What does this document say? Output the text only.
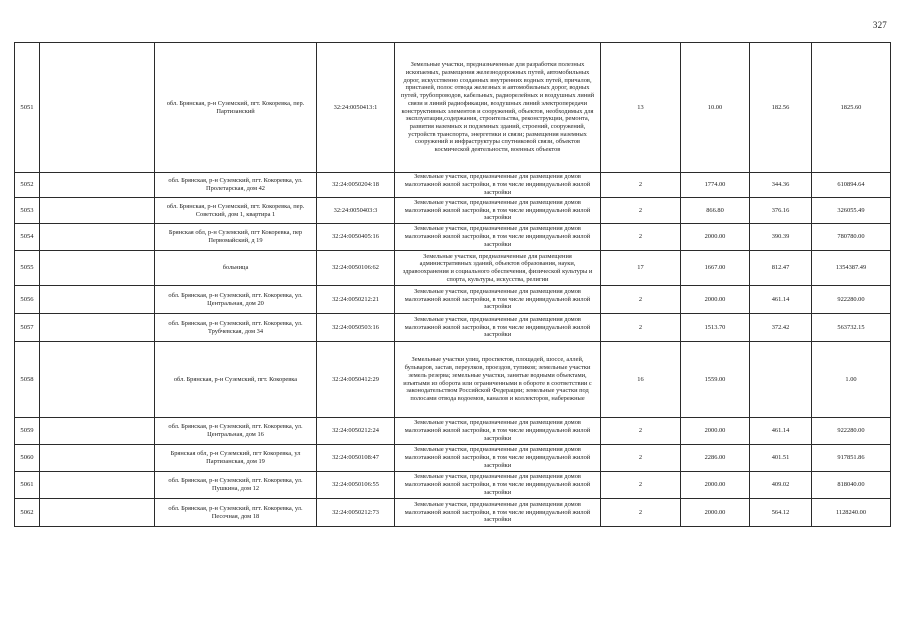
327
5051		обл. Брянская, р-н Суземский, пгт. Кокоревка, пер. Партизанский	32:24:0050413:1	Земельные участки, предназначенные для разработки полезных ископаемых, размещения железнодорожных путей, автомобильных дорог, искусственно созданных внутренних водных путей, причалов, пристаней, полос отвода железных и автомобильных дорог, водных путей, трубопроводов, кабельных, радиорелейных и воздушных линий связи и линий радиофикации, воздушных линий электропередачи конструктивных элементов и сооружений, объектов, необходимых для эксплуатации,содержания, строительства, реконструкции, ремонта, развития наземных и подземных зданий, строений, сооружений, устройств транспорта, энергетики и связи; размещения наземных сооружений и инфраструктуры спутниковой связи, объектов космической деятельности, военных объектов	13	10.00	182.56	1825.60
5052		обл. Брянская, р-н Суземский, пгт. Кокоревка, ул. Пролетарская, дом 42	32:24:0050204:18	Земельные участки, предназначенные для размещения домов малоэтажной жилой застройки, в том числе индивидуальной жилой застройки	2	1774.00	344.36	610894.64
5053		обл. Брянская, р-н Суземский, пгт. Кокоревка, пер. Советский, дом 1, квартира 1	32:24:0050403:3	Земельные участки, предназначенные для размещения домов малоэтажной жилой застройки, в том числе индивидуальной жилой застройки	2	866.80	376.16	326055.49
5054		Брянская обл, р-н Суземский, пгт Кокоревка, пер Первомайский, д 19	32:24:0050405:16	Земельные участки, предназначенные для размещения домов малоэтажной жилой застройки, в том числе индивидуальной жилой застройки	2	2000.00	390.39	780780.00
5055		больница	32:24:0050106:62	Земельные участки, предназначенные для размещения административных зданий, объектов образования, науки, здравоохранения и социального обеспечения, физической культуры и спорта, культуры, искусства, религии	17	1667.00	812.47	1354387.49
5056		обл. Брянская, р-н Суземский, пгт. Кокоревка, ул. Центральная, дом 20	32:24:0050212:21	Земельные участки, предназначенные для размещения домов малоэтажной жилой застройки, в том числе индивидуальной жилой застройки	2	2000.00	461.14	922280.00
5057		обл. Брянская, р-н Суземский, пгт. Кокоревка, ул. Трубчевская, дом 34	32:24:0050503:16	Земельные участки, предназначенные для размещения домов малоэтажной жилой застройки, в том числе индивидуальной жилой застройки	2	1513.70	372.42	563732.15
5058		обл. Брянская, р-н Суземский, пгт. Кокоревка	32:24:0050412:29	Земельные участки улиц, проспектов, площадей, шоссе, аллей, бульваров, застав, переулков, проездов, тупиков; земельные участки земель резерва; земельные участки, занятые водными объектами, изъятыми из оборота или ограниченными в обороте в соответствии с законодательством Российской Федерации; земельные участки под полосами отвода водоемов, каналов и коллекторов, набережные	16	1559.00		1.00
5059		обл. Брянская, р-н Суземский, пгт. Кокоревка, ул. Центральная, дом 16	32:24:0050212:24	Земельные участки, предназначенные для размещения домов малоэтажной жилой застройки, в том числе индивидуальной жилой застройки	2	2000.00	461.14	922280.00
5060		Брянская обл, р-н Суземский, пгт Кокоревка, ул Партизанская, дом 19	32:24:0050108:47	Земельные участки, предназначенные для размещения домов малоэтажной жилой застройки, в том числе индивидуальной жилой застройки	2	2286.00	401.51	917851.86
5061		обл. Брянская, р-н Суземский, пгт. Кокоревка, ул. Пушкина, дом 12	32:24:0050106:55	Земельные участки, предназначенные для размещения домов малоэтажной жилой застройки, в том числе индивидуальной жилой застройки	2	2000.00	409.02	818040.00
5062		обл. Брянская, р-н Суземский, пгт. Кокоревка, ул. Песочная, дом 18	32:24:0050212:73	Земельные участки, предназначенные для размещения домов малоэтажной жилой застройки, в том числе индивидуальной жилой застройки	2	2000.00	564.12	1128240.00
